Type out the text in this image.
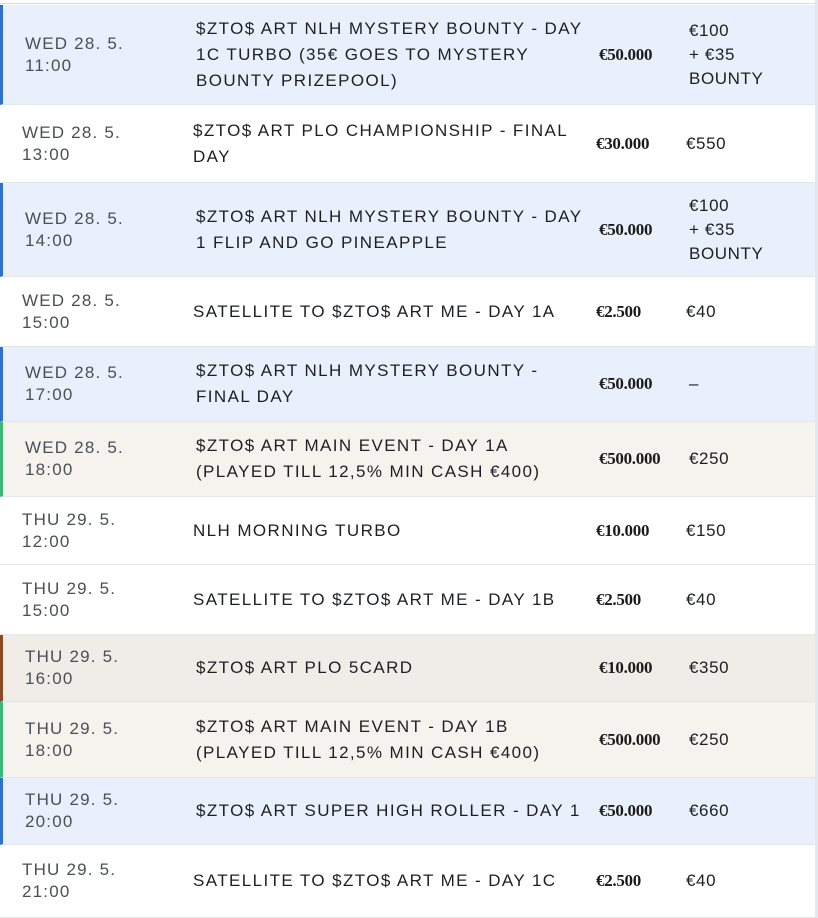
WED 28. 5.
11:00
$ZTO$ ART NLH MYSTERY BOUNTY - DAY 1C TURBO (35€ GOES TO MYSTERY BOUNTY PRIZEPOOL)
€50.000
€100
+ €35
BOUNTY
WED 28. 5.
13:00
$ZTO$ ART PLO CHAMPIONSHIP - FINAL DAY
€30.000 €550
WED 28. 5.
14:00
$ZTO$ ART NLH MYSTERY BOUNTY - DAY 1 FLIP AND GO PINEAPPLE
€50.000
€100
+ €35
BOUNTY
WED 28. 5.
15:00
SATELLITE TO $ZTO$ ART ME - DAY 1A	€2.500	€40
WED 28. 5.
17:00
$ZTO$ ART NLH MYSTERY BOUNTY - FINAL DAY
€50.000 –
WED 28. 5.
18:00
$ZTO$ ART MAIN EVENT - DAY 1A (PLAYED TILL 12,5% MIN CASH €400)
€500.000 €250
THU 29. 5.
12:00
NLH MORNING TURBO	€10.000 €150
THU 29. 5.
15:00
SATELLITE TO $ZTO$ ART ME - DAY 1B	€2.500	€40
THU 29. 5.
16:00
$ZTO$ ART PLO 5CARD	€10.000 €350
THU 29. 5.
18:00
$ZTO$ ART MAIN EVENT - DAY 1B (PLAYED TILL 12,5% MIN CASH €400)
€500.000 €250
THU 29. 5.
20:00
$ZTO$ ART SUPER HIGH ROLLER - DAY 1	€50.000 €660
THU 29. 5.
21:00
SATELLITE TO $ZTO$ ART ME - DAY 1C	€2.500	€40
